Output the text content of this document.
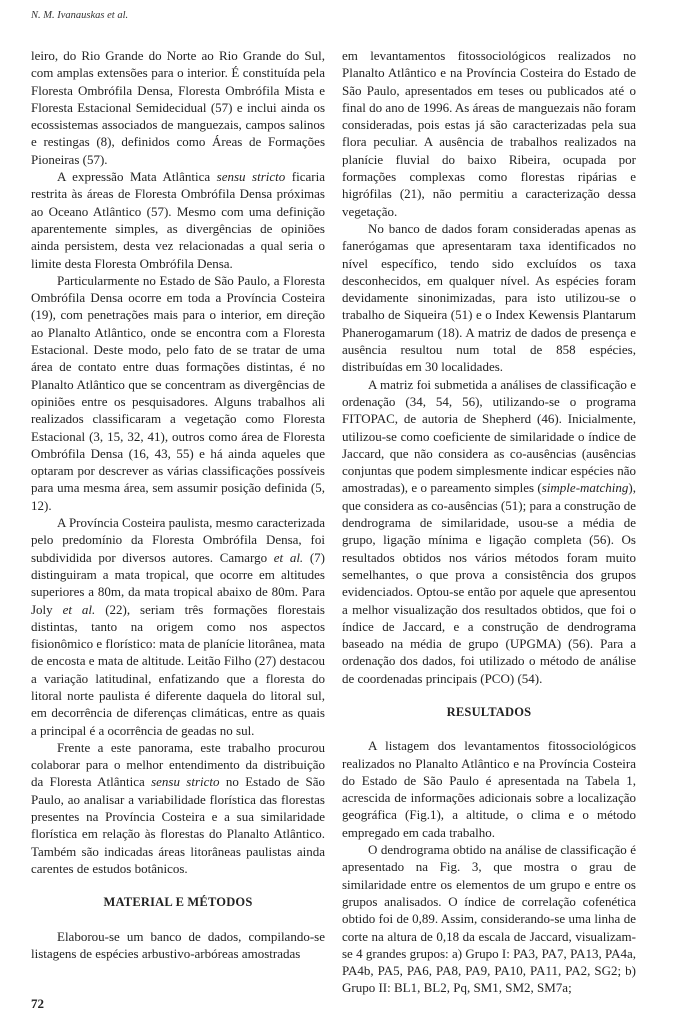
N. M. Ivanauskas et al.

leiro, do Rio Grande do Norte ao Rio Grande do Sul, com amplas extensões para o interior. É constituída pela Floresta Ombrófila Densa, Floresta Ombrófila Mista e Floresta Estacional Semidecidual (57) e inclui ainda os ecossistemas associados de manguezais, campos salinos e restingas (8), definidos como Áreas de Formações Pioneiras (57).

A expressão Mata Atlântica sensu stricto ficaria restrita às áreas de Floresta Ombrófila Densa próximas ao Oceano Atlântico (57). Mesmo com uma definição aparentemente simples, as divergências de opiniões ainda persistem, desta vez relacionadas a qual seria o limite desta Floresta Ombrófila Densa.

Particularmente no Estado de São Paulo, a Floresta Ombrófila Densa ocorre em toda a Província Costeira (19), com penetrações mais para o interior, em direção ao Planalto Atlântico, onde se encontra com a Floresta Estacional. Deste modo, pelo fato de se tratar de uma área de contato entre duas formações distintas, é no Planalto Atlântico que se concentram as divergências de opiniões entre os pesquisadores. Alguns trabalhos ali realizados classificaram a vegetação como Floresta Estacional (3, 15, 32, 41), outros como área de Floresta Ombrófila Densa (16, 43, 55) e há ainda aqueles que optaram por descrever as várias classificações possíveis para uma mesma área, sem assumir posição definida (5, 12).

A Província Costeira paulista, mesmo caracterizada pelo predomínio da Floresta Ombrófila Densa, foi subdividida por diversos autores. Camargo et al. (7) distinguiram a mata tropical, que ocorre em altitudes superiores a 80m, da mata tropical abaixo de 80m. Para Joly et al. (22), seriam três formações florestais distintas, tanto na origem como nos aspectos fisionômico e florístico: mata de planície litorânea, mata de encosta e mata de altitude. Leitão Filho (27) destacou a variação latitudinal, enfatizando que a floresta do litoral norte paulista é diferente daquela do litoral sul, em decorrência de diferenças climáticas, entre as quais a principal é a ocorrência de geadas no sul.

Frente a este panorama, este trabalho procurou colaborar para o melhor entendimento da distribuição da Floresta Atlântica sensu stricto no Estado de São Paulo, ao analisar a variabilidade florística das florestas presentes na Província Costeira e a sua similaridade florística em relação às florestas do Planalto Atlântico. Também são indicadas áreas litorâneas paulistas ainda carentes de estudos botânicos.

MATERIAL E MÉTODOS

Elaborou-se um banco de dados, compilando-se listagens de espécies arbustivo-arbóreas amostradas

em levantamentos fitossociológicos realizados no Planalto Atlântico e na Província Costeira do Estado de São Paulo, apresentados em teses ou publicados até o final do ano de 1996. As áreas de manguezais não foram consideradas, pois estas já são caracterizadas pela sua flora peculiar. A ausência de trabalhos realizados na planície fluvial do baixo Ribeira, ocupada por formações complexas como florestas ripárias e higrófilas (21), não permitiu a caracterização dessa vegetação.

No banco de dados foram consideradas apenas as fanerógamas que apresentaram taxa identificados no nível específico, tendo sido excluídos os taxa desconhecidos, em qualquer nível. As espécies foram devidamente sinonimizadas, para isto utilizou-se o trabalho de Siqueira (51) e o Index Kewensis Plantarum Phanerogamarum (18). A matriz de dados de presença e ausência resultou num total de 858 espécies, distribuídas em 30 localidades.

A matriz foi submetida a análises de classificação e ordenação (34, 54, 56), utilizando-se o programa FITOPAC, de autoria de Shepherd (46). Inicialmente, utilizou-se como coeficiente de similaridade o índice de Jaccard, que não considera as co-ausências (ausências conjuntas que podem simplesmente indicar espécies não amostradas), e o pareamento simples (simple-matching), que considera as co-ausências (51); para a construção de dendrograma de similaridade, usou-se a média de grupo, ligação mínima e ligação completa (56). Os resultados obtidos nos vários métodos foram muito semelhantes, o que prova a consistência dos grupos evidenciados. Optou-se então por aquele que apresentou a melhor visualização dos resultados obtidos, que foi o índice de Jaccard, e a construção de dendrograma baseado na média de grupo (UPGMA) (56). Para a ordenação dos dados, foi utilizado o método de análise de coordenadas principais (PCO) (54).

RESULTADOS

A listagem dos levantamentos fitossociológicos realizados no Planalto Atlântico e na Província Costeira do Estado de São Paulo é apresentada na Tabela 1, acrescida de informações adicionais sobre a localização geográfica (Fig.1), a altitude, o clima e o método empregado em cada trabalho.

O dendrograma obtido na análise de classificação é apresentado na Fig. 3, que mostra o grau de similaridade entre os elementos de um grupo e entre os grupos analisados. O índice de correlação cofenética obtido foi de 0,89. Assim, considerando-se uma linha de corte na altura de 0,18 da escala de Jaccard, visualizam-se 4 grandes grupos: a) Grupo I: PA3, PA7, PA13, PA4a, PA4b, PA5, PA6, PA8, PA9, PA10, PA11, PA2, SG2; b) Grupo II: BL1, BL2, Pq, SM1, SM2, SM7a;

72
